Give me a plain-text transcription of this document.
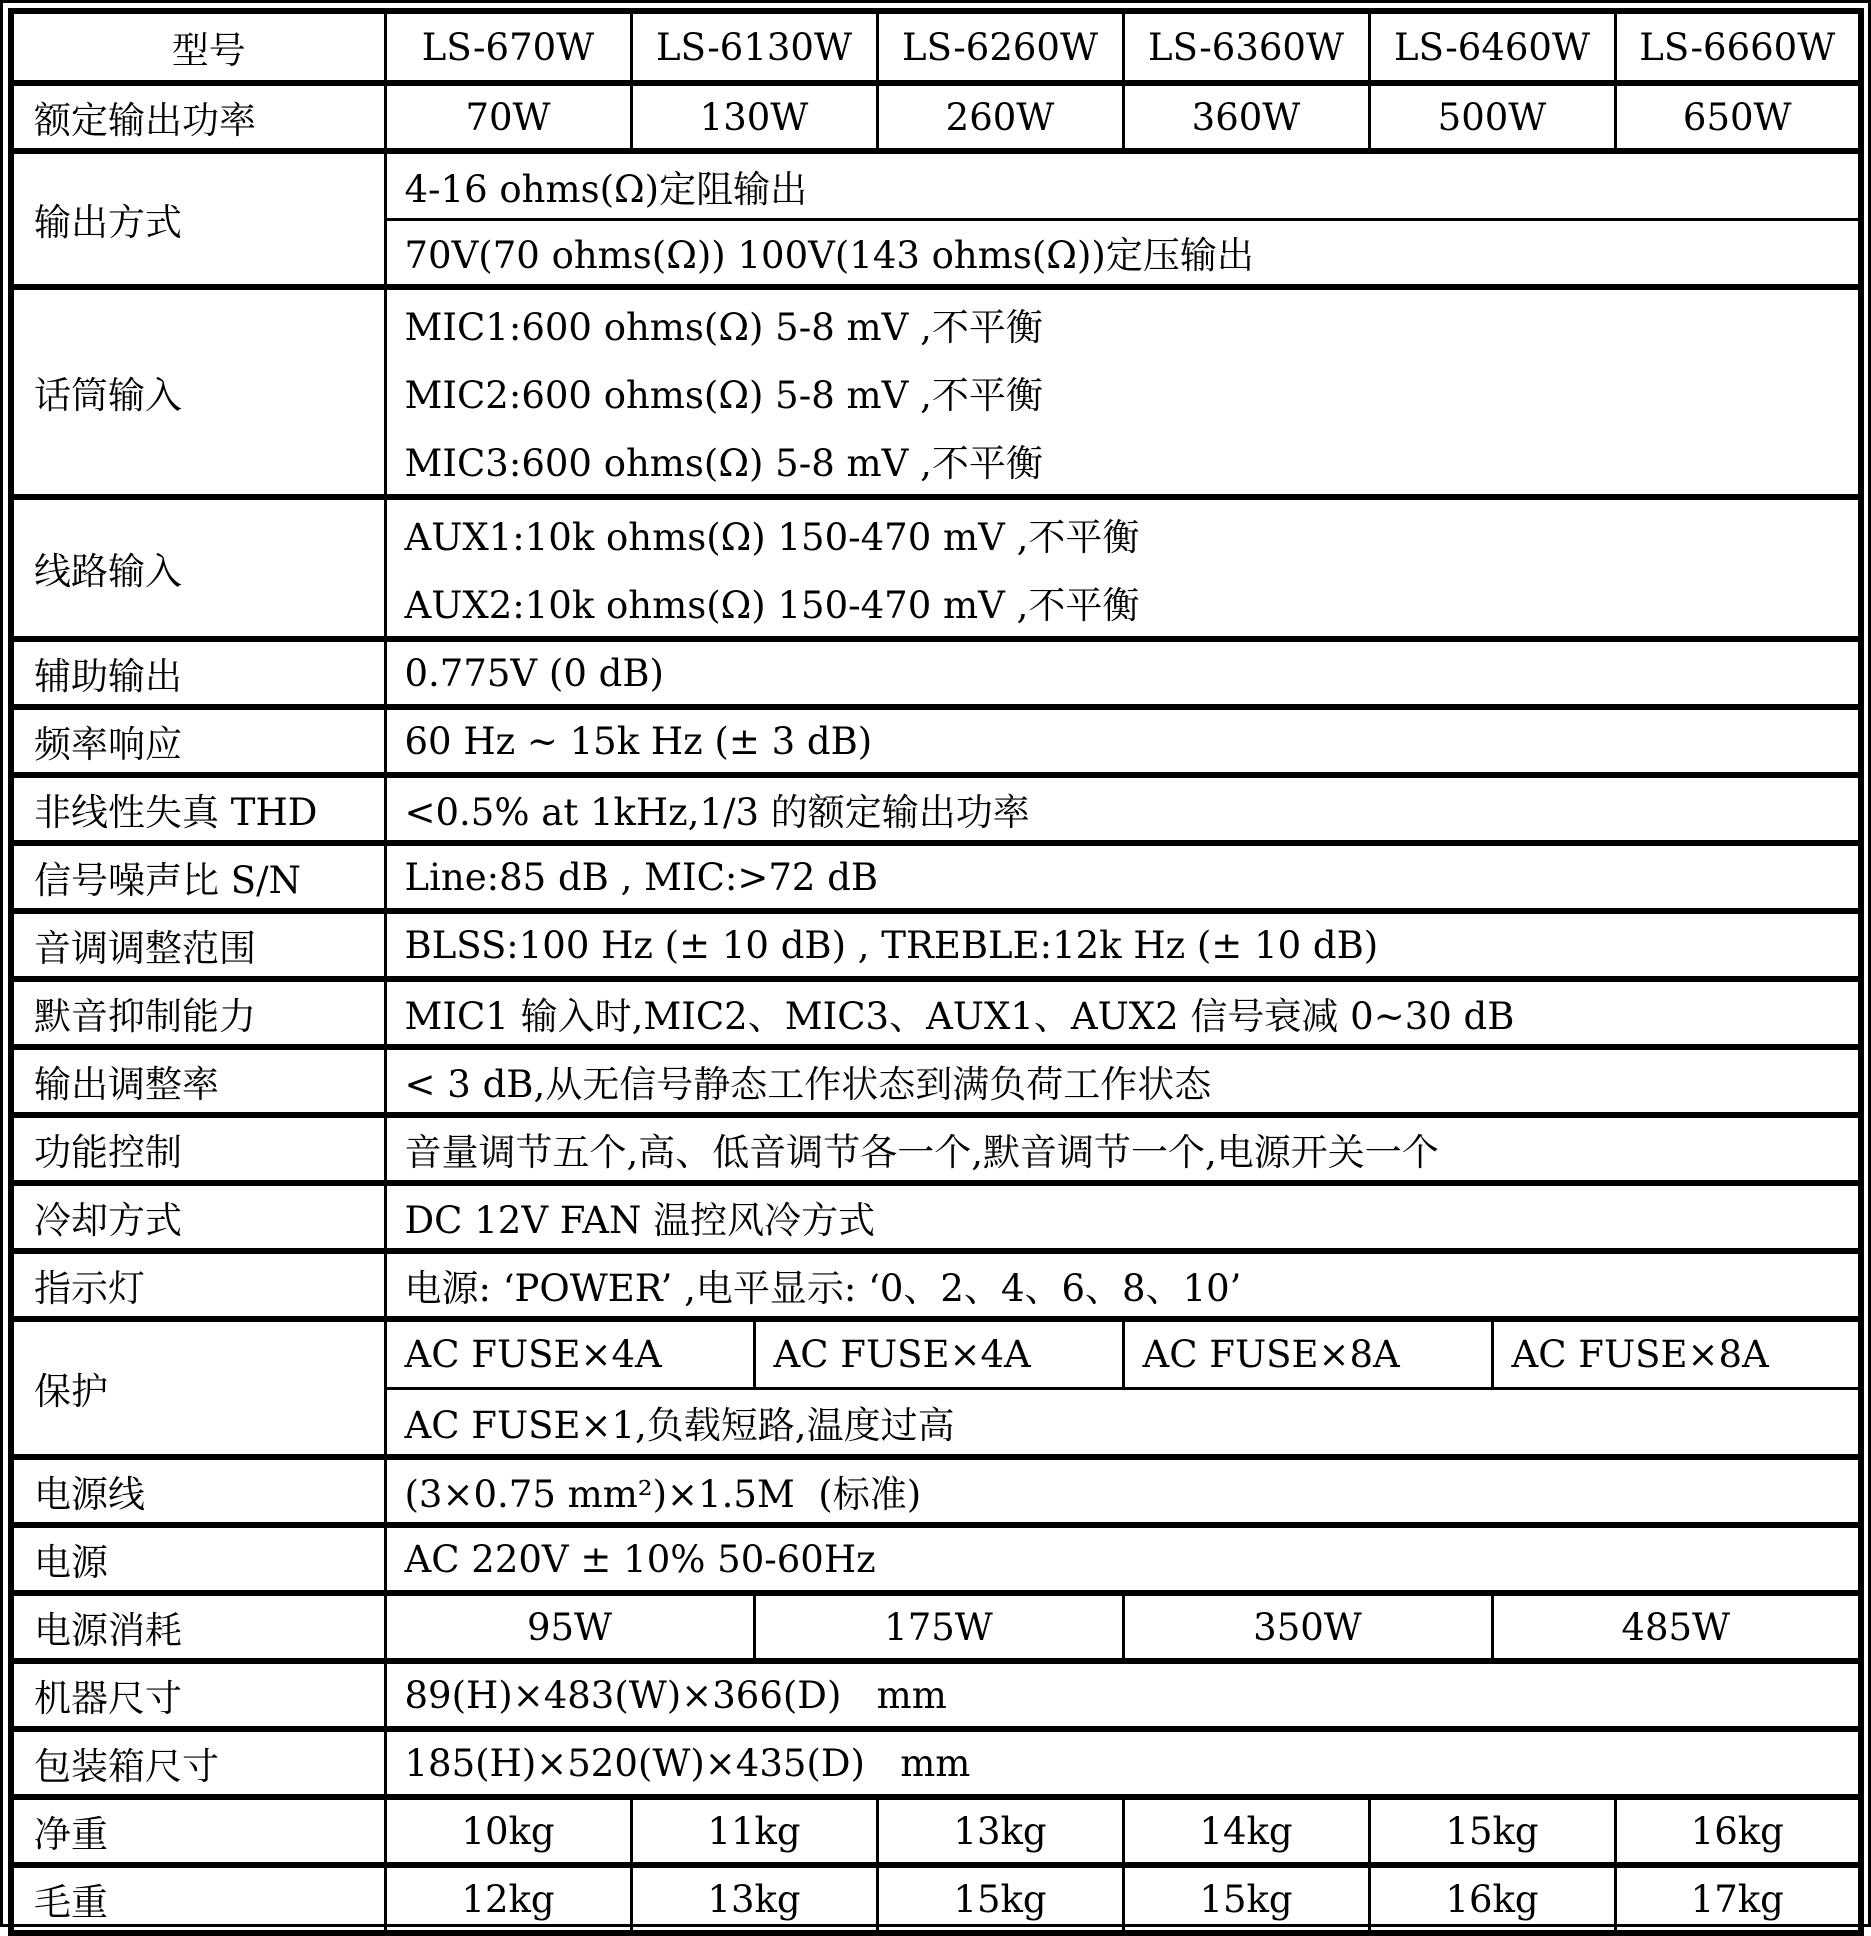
型号	LS-670W	LS-6130W		LS-6260W	LS-6360W	LS-6460W		LS-6660W
额定输出功率	70W	130W		260W	360W	500W		650W
输出方式	4-16 ohms(Ω)定阻输出							
	70V(70 ohms(Ω)) 100V(143 ohms(Ω))定压输出							
话筒输入	MIC1:600 ohms(Ω) 5-8 mV ,不平衡
MIC2:600 ohms(Ω) 5-8 mV ,不平衡
MIC3:600 ohms(Ω) 5-8 mV ,不平衡							

线路输入	AUX1:10k ohms(Ω) 150-470 mV ,不平衡
AUX2:10k ohms(Ω) 150-470 mV ,不平衡							

辅助输出	0.775V (0 dB)							
频率响应	60 Hz ~ 15k Hz (± 3 dB)							
非线性失真 THD	<0.5% at 1kHz,1/3 的额定输出功率							
信号噪声比 S/N	Line:85 dB , MIC:>72 dB							
音调调整范围	BLSS:100 Hz (± 10 dB) , TREBLE:12k Hz (± 10 dB)							
默音抑制能力	MIC1 输入时,MIC2、MIC3、AUX1、AUX2 信号衰减 0~30 dB							
输出调整率	< 3 dB,从无信号静态工作状态到满负荷工作状态							
功能控制	音量调节五个,高、低音调节各一个,默音调节一个,电源开关一个							
冷却方式	DC 12V FAN 温控风冷方式							
指示灯	电源: ‘POWER’ ,电平显示: ‘0、2、4、6、8、10’							
保护	AC FUSE×4A		AC FUSE×4A		AC FUSE×8A		AC FUSE×8A	
	AC FUSE×1,负载短路,温度过高							
电源线	(3×0.75 mm²)×1.5M  (标准)							
电源	AC 220V ± 10% 50-60Hz							
电源消耗	95W		175W		350W		485W	
机器尺寸	89(H)×483(W)×366(D)   mm							
包装箱尺寸	185(H)×520(W)×435(D)   mm							
净重	10kg	11kg		13kg	14kg	15kg		16kg
毛重	12kg	13kg		15kg	15kg	16kg		17kg
